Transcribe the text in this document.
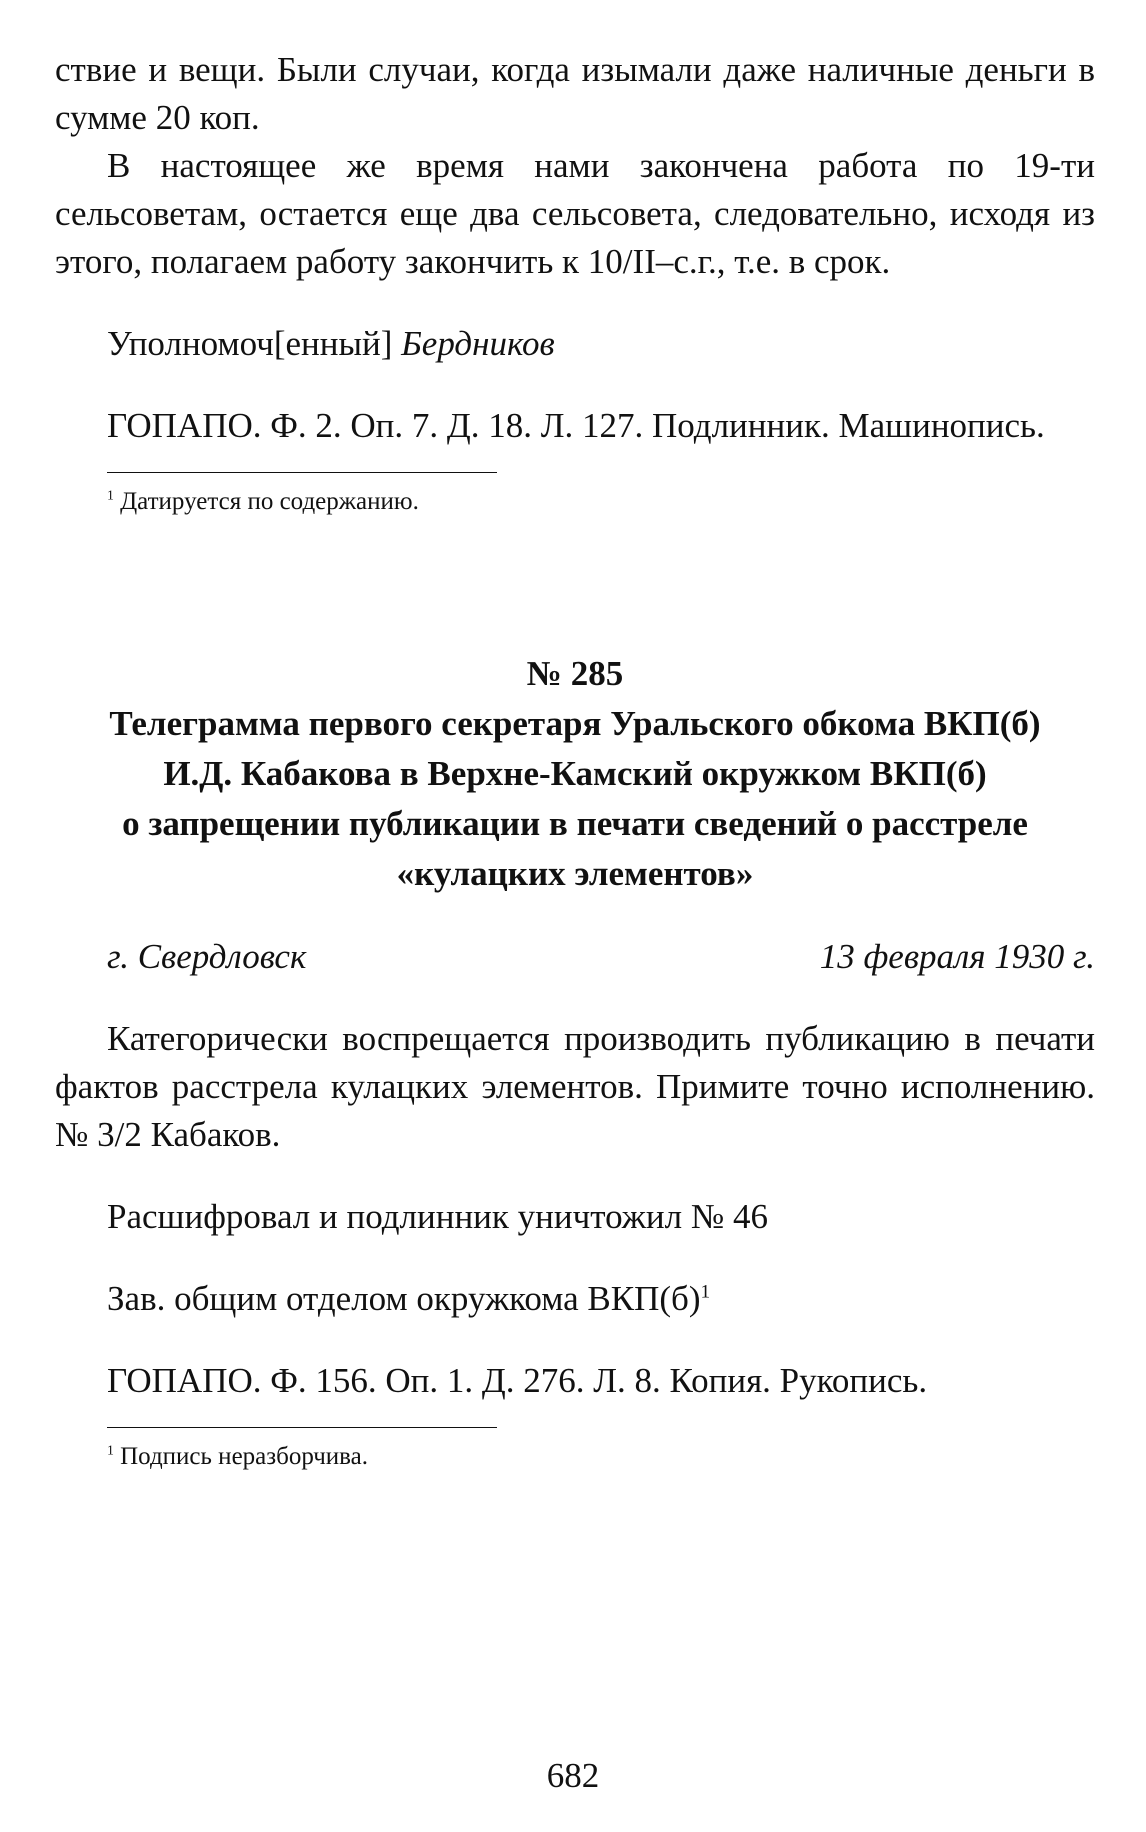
ствие и вещи. Были случаи, когда изымали даже наличные деньги в сумме 20 коп.

В настоящее же время нами закончена работа по 19-ти сельсоветам, остается еще два сельсовета, следовательно, исходя из этого, полагаем работу закончить к 10/II–с.г., т.е. в срок.

Уполномоч[енный] Бердников

ГОПАПО. Ф. 2. Оп. 7. Д. 18. Л. 127. Подлинник. Машинопись.

$^1$ Датируется по содержанию.
№ 285
Телеграмма первого секретаря Уральского обкома ВКП(б)
И.Д. Кабакова в Верхне-Камский окружком ВКП(б)
о запрещении публикации в печати сведений о расстреле
«кулацких элементов»
г. Свердловск	13 февраля 1930 г.

Категорически воспрещается производить публикацию в печати фактов расстрела кулацких элементов. Примите точно исполнению. № 3/2 Кабаков.

Расшифровал и подлинник уничтожил № 46

Зав. общим отделом окружкома $ВКП(б)^1$

ГОПАПО. Ф. 156. Оп. 1. Д. 276. Л. 8. Копия. Рукопись.

$^1$ Подпись неразборчива.
682
